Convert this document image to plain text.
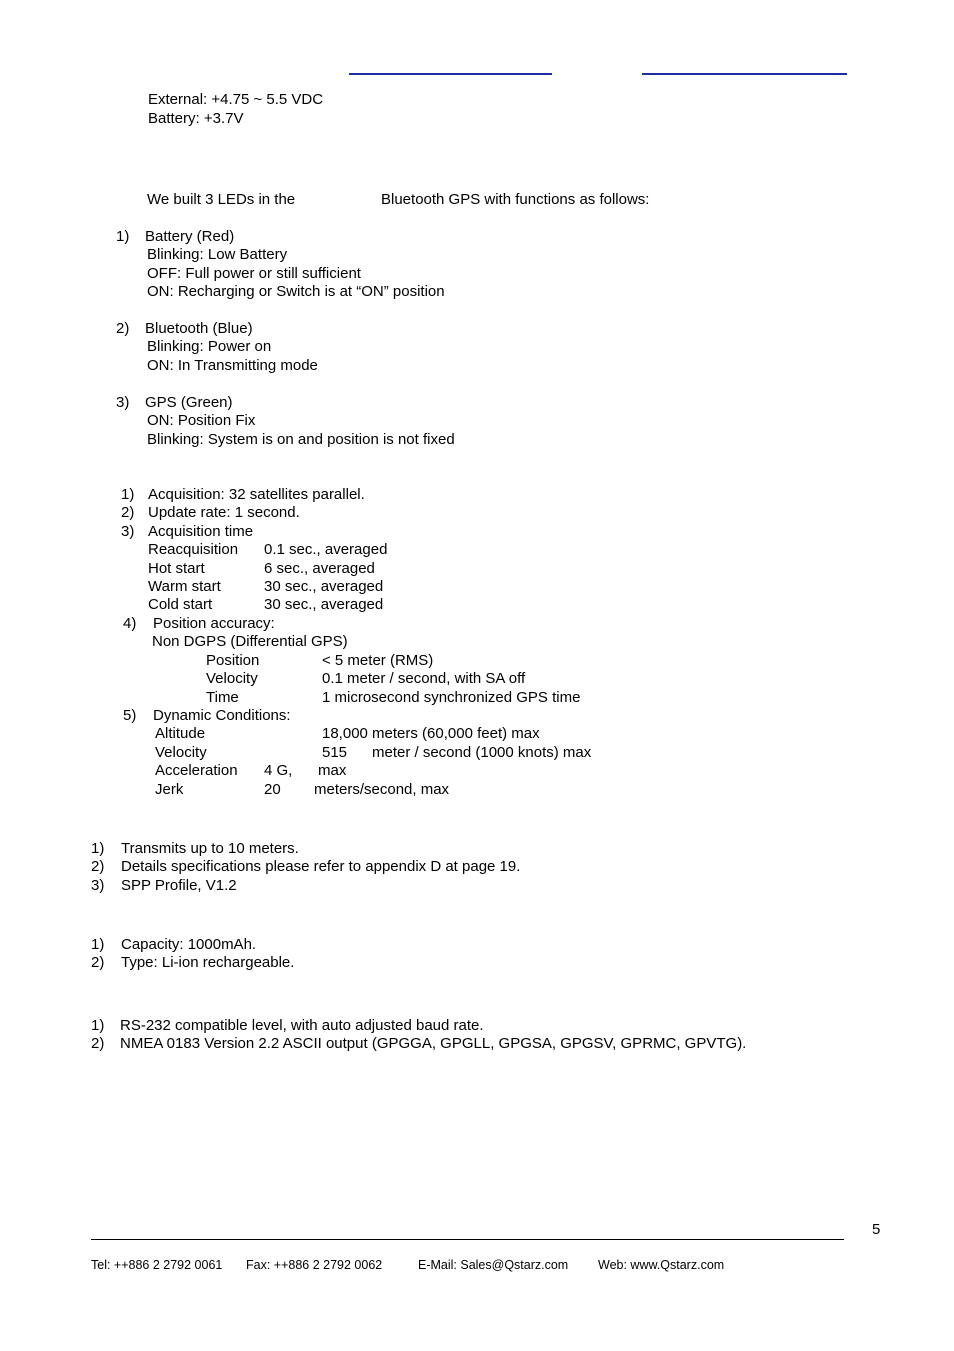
External: +4.75 ~ 5.5 VDC
Battery: +3.7V
We built 3 LEDs in the	Bluetooth GPS with functions as follows:
1) Battery (Red)
Blinking: Low Battery
OFF: Full power or still sufficient
ON: Recharging or Switch is at “ON” position
2) Bluetooth (Blue)
Blinking: Power on
ON: In Transmitting mode
3) GPS (Green)
ON: Position Fix
Blinking: System is on and position is not fixed
1) Acquisition: 32 satellites parallel.
2) Update rate: 1 second.
3) Acquisition time
Reacquisition 0.1 sec., averaged
Hot start	6 sec., averaged
Warm start	30 sec., averaged
Cold start	30 sec., averaged
4) Position accuracy:
Non DGPS (Differential GPS)
Position	< 5 meter (RMS)
Velocity	0.1 meter / second, with SA off
Time	1 microsecond synchronized GPS time
5) Dynamic Conditions:
Altitude	18,000 meters (60,000 feet) max
Velocity	515 meter / second (1000 knots) max
Acceleration 4 G, max
Jerk	20 meters/second, max
1) Transmits up to 10 meters.
2) Details specifications please refer to appendix D at page 19.
3) SPP Profile, V1.2
1) Capacity: 1000mAh.
2) Type: Li-ion rechargeable.
1) RS-232 compatible level, with auto adjusted baud rate.
2) NMEA 0183 Version 2.2 ASCII output (GPGGA, GPGLL, GPGSA, GPGSV, GPRMC, GPVTG).
5
Tel: ++886 2 2792 0061 Fax: ++886 2 2792 0062	E-Mail: Sales@Qstarz.com Web: www.Qstarz.com
